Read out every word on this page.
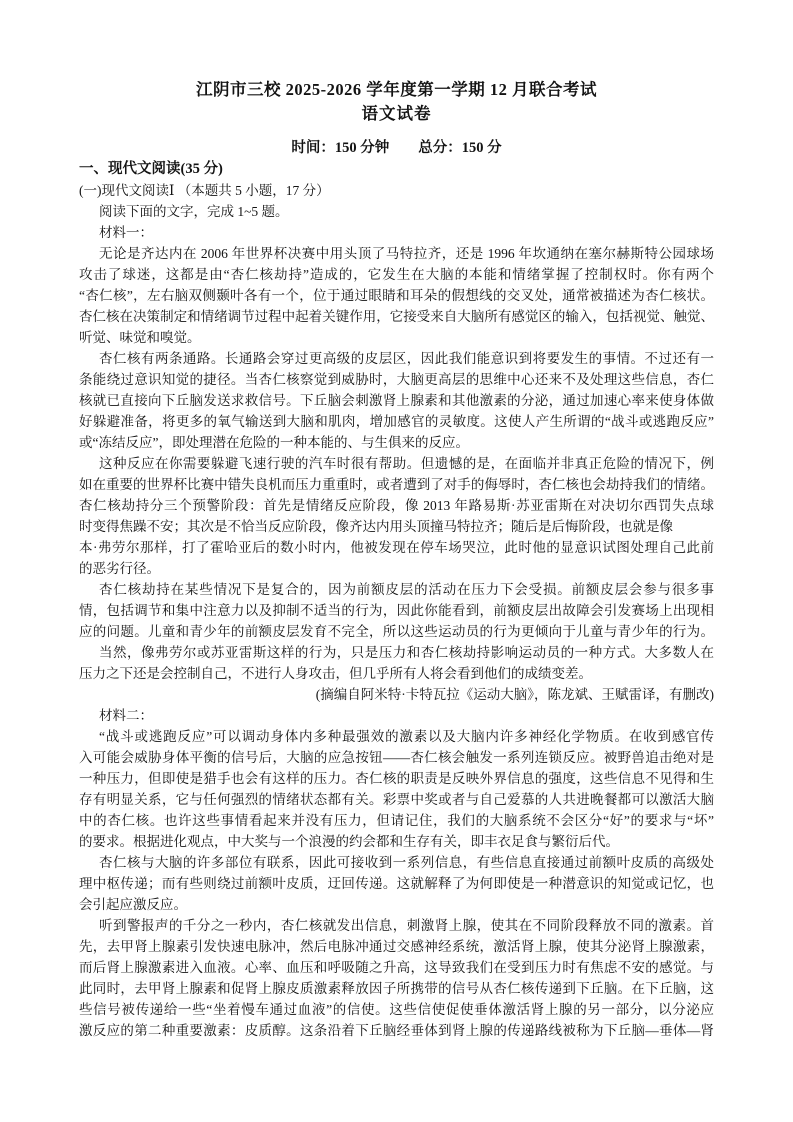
江阴市三校 2025-2026 学年度第一学期 12 月联合考试
语文试卷
时间：150 分钟 总分：150 分
一、现代文阅读(35 分)
(一)现代文阅读Ⅰ （本题共 5 小题，17 分）
阅读下面的文字，完成 1~5 题。
材料一：
无论是齐达内在 2006 年世界杯决赛中用头顶了马特拉齐，还是 1996 年坎通纳在塞尔赫斯特公园球场
攻击了球迷，这都是由“杏仁核劫持”造成的，它发生在大脑的本能和情绪掌握了控制权时。你有两个
“杏仁核”，左右脑双侧颞叶各有一个，位于通过眼睛和耳朵的假想线的交叉处，通常被描述为杏仁核状。
杏仁核在决策制定和情绪调节过程中起着关键作用，它接受来自大脑所有感觉区的输入，包括视觉、触觉、
听觉、味觉和嗅觉。
杏仁核有两条通路。长通路会穿过更高级的皮层区，因此我们能意识到将要发生的事情。不过还有一
条能绕过意识知觉的捷径。当杏仁核察觉到威胁时，大脑更高层的思维中心还来不及处理这些信息，杏仁
核就已直接向下丘脑发送求救信号。下丘脑会刺激肾上腺素和其他激素的分泌，通过加速心率来使身体做
好躲避准备，将更多的氧气输送到大脑和肌肉，增加感官的灵敏度。这使人产生所谓的“战斗或逃跑反应”
或“冻结反应”，即处理潜在危险的一种本能的、与生俱来的反应。
这种反应在你需要躲避飞速行驶的汽车时很有帮助。但遗憾的是，在面临并非真正危险的情况下，例
如在重要的世界杯比赛中错失良机而压力重重时，或者遭到了对手的侮辱时，杏仁核也会劫持我们的情绪。
杏仁核劫持分三个预警阶段：首先是情绪反应阶段，像 2013 年路易斯·苏亚雷斯在对决切尔西罚失点球
时变得焦躁不安；其次是不恰当反应阶段，像齐达内用头顶撞马特拉齐；随后是后悔阶段，也就是像
本·弗劳尔那样，打了霍哈亚后的数小时内，他被发现在停车场哭泣，此时他的显意识试图处理自己此前
的恶劣行径。
杏仁核劫持在某些情况下是复合的，因为前额皮层的活动在压力下会受损。前额皮层会参与很多事
情，包括调节和集中注意力以及抑制不适当的行为，因此你能看到，前额皮层出故障会引发赛场上出现相
应的问题。儿童和青少年的前额皮层发育不完全，所以这些运动员的行为更倾向于儿童与青少年的行为。
当然，像弗劳尔或苏亚雷斯这样的行为，只是压力和杏仁核劫持影响运动员的一种方式。大多数人在
压力之下还是会控制自己，不进行人身攻击，但几乎所有人将会看到他们的成绩变差。
(摘编自阿米特·卡特瓦拉《运动大脑》，陈龙斌、王赋雷译，有删改)
材料二：
“战斗或逃跑反应”可以调动身体内多种最强效的激素以及大脑内许多神经化学物质。在收到感官传
入可能会威胁身体平衡的信号后，大脑的应急按钮——杏仁核会触发一系列连锁反应。被野兽追击绝对是
一种压力，但即使是猎手也会有这样的压力。杏仁核的职责是反映外界信息的强度，这些信息不见得和生
存有明显关系，它与任何强烈的情绪状态都有关。彩票中奖或者与自己爱慕的人共进晚餐都可以激活大脑
中的杏仁核。也许这些事情看起来并没有压力，但请记住，我们的大脑系统不会区分“好”的要求与“坏”
的要求。根据进化观点，中大奖与一个浪漫的约会都和生存有关，即丰衣足食与繁衍后代。
杏仁核与大脑的许多部位有联系，因此可接收到一系列信息，有些信息直接通过前额叶皮质的高级处
理中枢传递；而有些则绕过前额叶皮质，迂回传递。这就解释了为何即使是一种潜意识的知觉或记忆，也
会引起应激反应。
听到警报声的千分之一秒内，杏仁核就发出信息，刺激肾上腺，使其在不同阶段释放不同的激素。首
先，去甲肾上腺素引发快速电脉冲，然后电脉冲通过交感神经系统，激活肾上腺，使其分泌肾上腺激素，
而后肾上腺激素进入血液。心率、血压和呼吸随之升高，这导致我们在受到压力时有焦虑不安的感觉。与
此同时，去甲肾上腺素和促肾上腺皮质激素释放因子所携带的信号从杏仁核传递到下丘脑。在下丘脑，这
些信号被传递给一些“坐着慢车通过血液”的信使。这些信使促使垂体激活肾上腺的另一部分，以分泌应
激反应的第二种重要激素：皮质醇。这条沿着下丘脑经垂体到肾上腺的传递路线被称为下丘脑—垂体—肾
